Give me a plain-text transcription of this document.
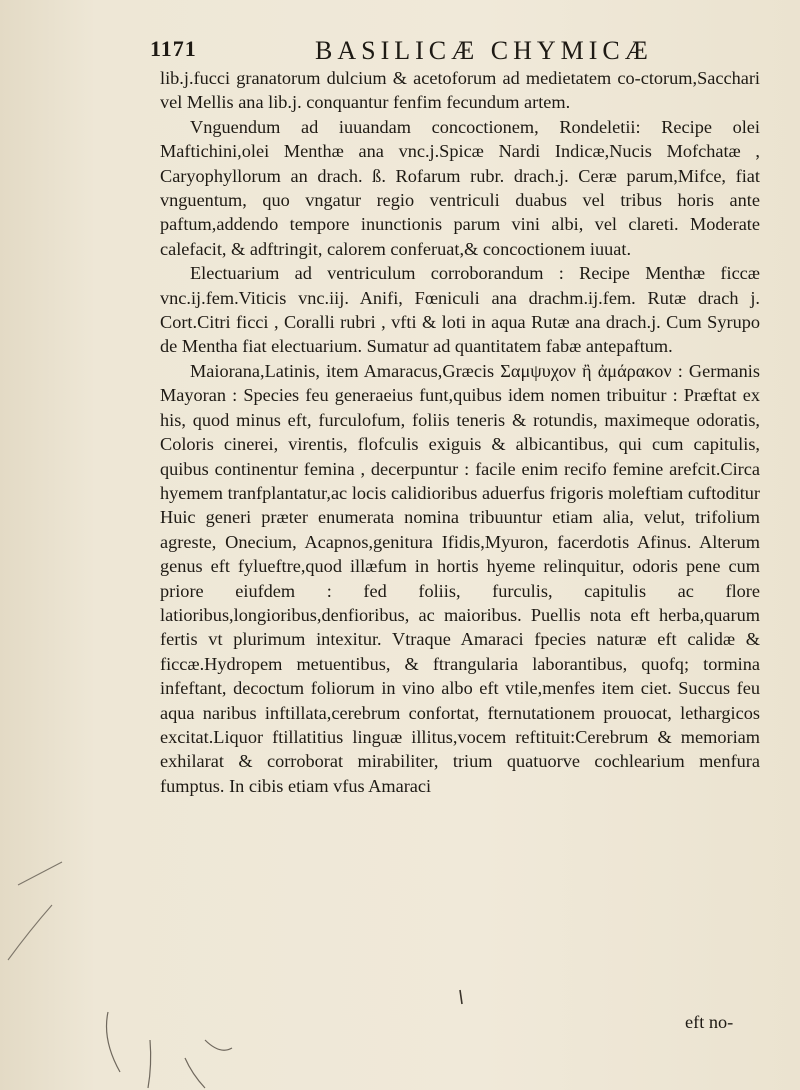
1171	BASILICÆ CHYMICÆ

lib.j.fucci granatorum dulcium & acetoforum ad medietatem co-ctorum,Sacchari vel Mellis ana lib.j. conquantur fenfim fecundum artem.

Vnguendum ad iuuandam concoctionem, Rondeletii: Recipe olei Maftichini,olei Menthæ ana vnc.j.Spicæ Nardi Indicæ,Nucis Mofchatæ , Caryophyllorum an drach. ß. Rofarum rubr. drach.j. Ceræ parum,Mifce, fiat vnguentum, quo vngatur regio ventriculi duabus vel tribus horis ante paftum,addendo tempore inunctionis parum vini albi, vel clareti. Moderate calefacit, & adftringit, calorem conferuat,& concoctionem iuuat.

Electuarium ad ventriculum corroborandum : Recipe Menthæ ficcæ vnc.ij.fem.Viticis vnc.iij. Anifi, Fœniculi ana drachm.ij.fem. Rutæ drach j. Cort.Citri ficci , Coralli rubri , vfti & loti in aqua Rutæ ana drach.j. Cum Syrupo de Mentha fiat electuarium. Sumatur ad quantitatem fabæ antepaftum.

Maiorana,Latinis, item Amaracus,Græcis Σαμψυχον ἢ ἀμάρακον : Germanis Mayoran : Species feu generaeius funt,quibus idem nomen tribuitur : Præftat ex his, quod minus eft, furculofum, foliis teneris & rotundis, maximeque odoratis, Coloris cinerei, virentis, flofculis exiguis & albicantibus, qui cum capitulis, quibus continentur femina , decerpuntur : facile enim recifo femine arefcit.Circa hyemem tranfplantatur,ac locis calidioribus aduerfus frigoris moleftiam cuftoditur Huic generi præter enumerata nomina tribuuntur etiam alia, velut, trifolium agreste, Onecium, Acapnos,genitura Ifidis,Myuron, facerdotis Afinus. Alterum genus eft fylueftre,quod illæfum in hortis hyeme relinquitur, odoris pene cum priore eiufdem : fed foliis, furculis, capitulis ac flore latioribus,longioribus,denfioribus, ac maioribus. Puellis nota eft herba,quarum fertis vt plurimum intexitur. Vtraque Amaraci fpecies naturæ eft calidæ & ficcæ.Hydropem metuentibus, & ftrangularia laborantibus, quofq; tormina infeftant, decoctum foliorum in vino albo eft vtile,menfes item ciet. Succus feu aqua naribus inftillata,cerebrum confortat, fternutationem prouocat, lethargicos excitat.Liquor ftillatitius linguæ illitus,vocem reftituit:Cerebrum & memoriam exhilarat & corroborat mirabiliter, trium quatuorve cochlearium menfura fumptus. In cibis etiam vfus Amaraci

eft no-
